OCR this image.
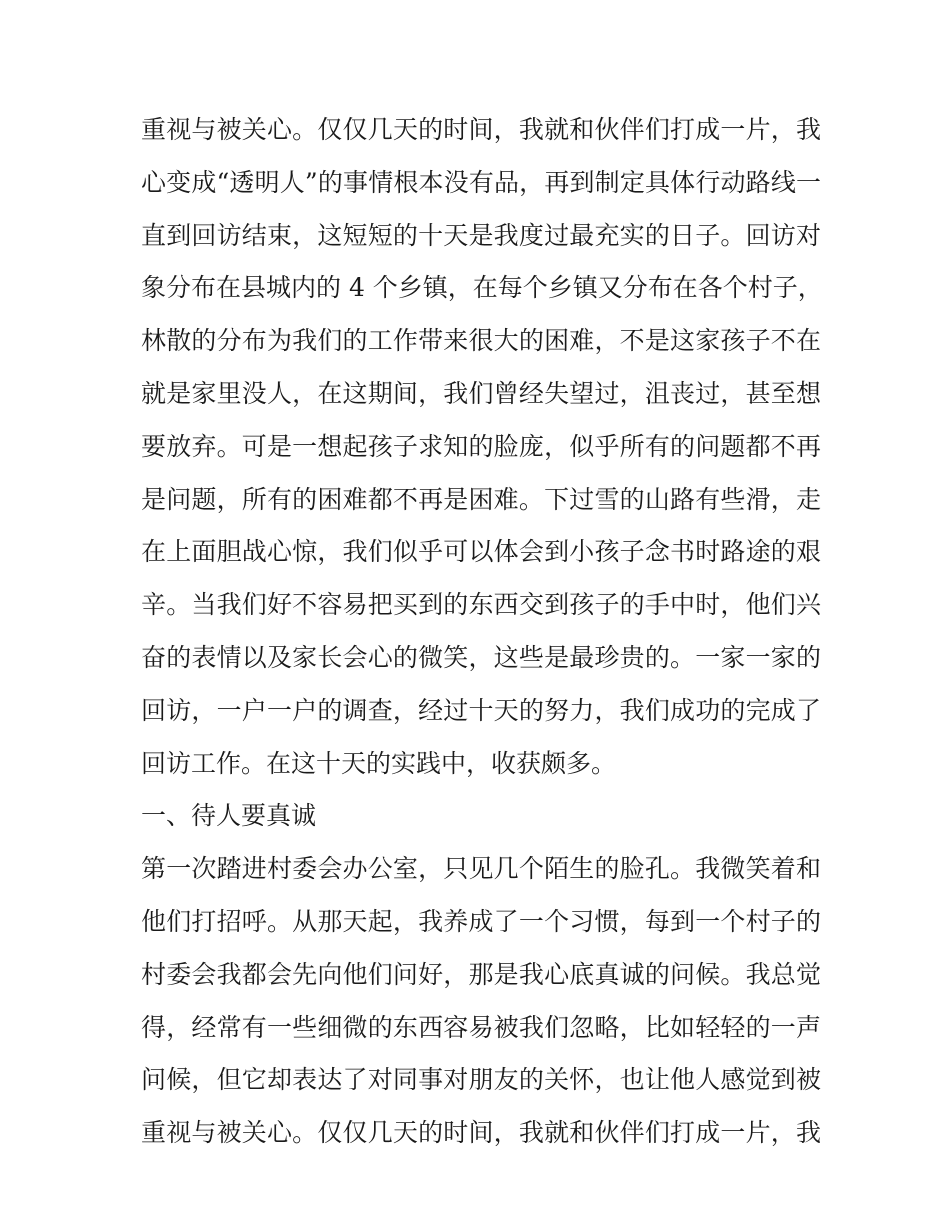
重视与被关心。仅仅几天的时间，我就和伙伴们打成一片，我
心变成“透明人”的事情根本没有品，再到制定具体行动路线一
直到回访结束，这短短的十天是我度过最充实的日子。回访对
象分布在县城内的 4 个乡镇，在每个乡镇又分布在各个村子，
林散的分布为我们的工作带来很大的困难，不是这家孩子不在
就是家里没人，在这期间，我们曾经失望过，沮丧过，甚至想
要放弃。可是一想起孩子求知的脸庞，似乎所有的问题都不再
是问题，所有的困难都不再是困难。下过雪的山路有些滑，走
在上面胆战心惊，我们似乎可以体会到小孩子念书时路途的艰
辛。当我们好不容易把买到的东西交到孩子的手中时，他们兴
奋的表情以及家长会心的微笑，这些是最珍贵的。一家一家的
回访，一户一户的调查，经过十天的努力，我们成功的完成了
回访工作。在这十天的实践中，收获颇多。
一、待人要真诚
第一次踏进村委会办公室，只见几个陌生的脸孔。我微笑着和
他们打招呼。从那天起，我养成了一个习惯，每到一个村子的
村委会我都会先向他们问好，那是我心底真诚的问候。我总觉
得，经常有一些细微的东西容易被我们忽略，比如轻轻的一声
问候，但它却表达了对同事对朋友的关怀，也让他人感觉到被
重视与被关心。仅仅几天的时间，我就和伙伴们打成一片，我
